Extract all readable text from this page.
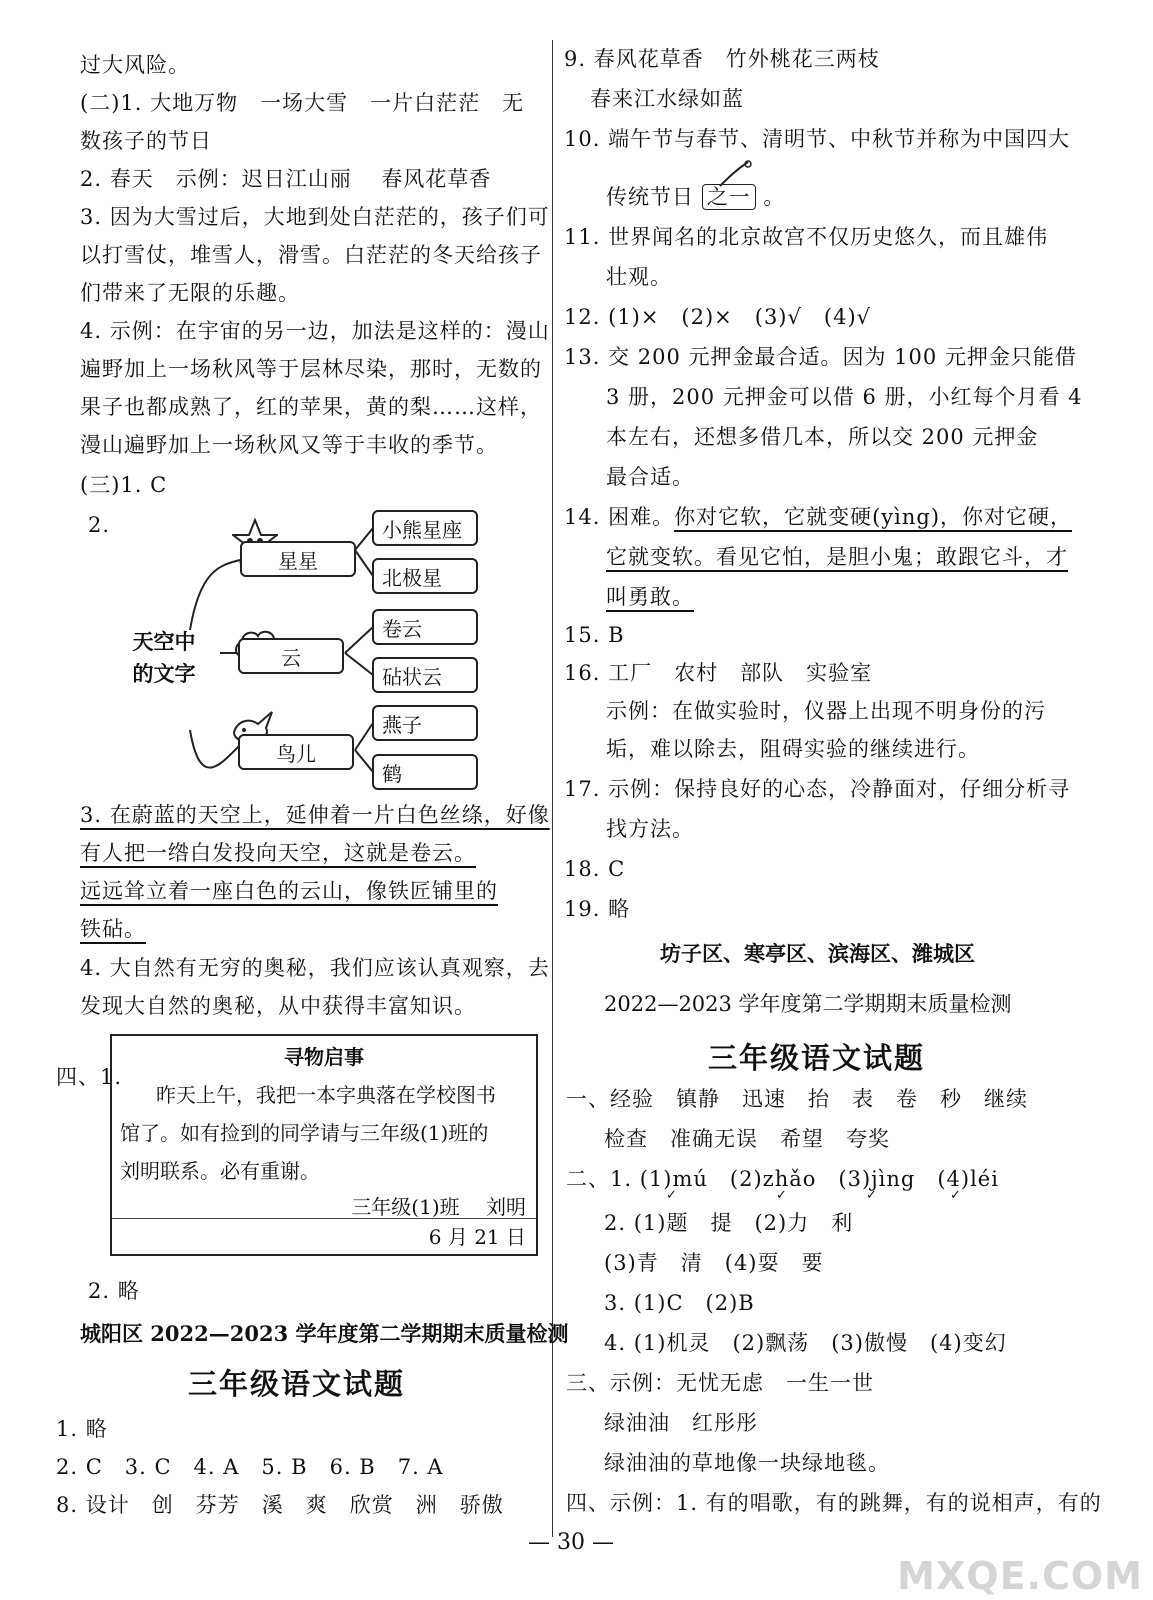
过大风险。
(二)1. 大地万物　一场大雪　一片白茫茫　无
数孩子的节日
2. 春天　示例：迟日江山丽　 春风花草香
3. 因为大雪过后，大地到处白茫茫的，孩子们可
以打雪仗，堆雪人，滑雪。白茫茫的冬天给孩子
们带来了无限的乐趣。
4. 示例：在宇宙的另一边，加法是这样的：漫山
遍野加上一场秋风等于层林尽染，那时，无数的
果子也都成熟了，红的苹果，黄的梨……这样，
漫山遍野加上一场秋风又等于丰收的季节。
(三)1. C
2.
天空中
的文字
星星
云
鸟儿
小熊星座
北极星
卷云
砧状云
燕子
鹤
3. 在蔚蓝的天空上，延伸着一片白色丝绦，好像
有人把一绺白发投向天空，这就是卷云。
远远耸立着一座白色的云山，像铁匠铺里的
铁砧。
4. 大自然有无穷的奥秘，我们应该认真观察，去
发现大自然的奥秘，从中获得丰富知识。
四、1.
寻物启事
昨天上午，我把一本字典落在学校图书
馆了。如有捡到的同学请与三年级(1)班的
刘明联系。必有重谢。
三年级(1)班　 刘明
6 月 21 日
2. 略
城阳区 2022—2023 学年度第二学期期末质量检测
三年级语文试题
1. 略
2. C　3. C　4. A　5. B　6. B　7. A
8. 设计　创　芬芳　溪　爽　欣赏　洲　骄傲
9. 春风花草香　竹外桃花三两枝
春来江水绿如蓝
10. 端午节与春节、清明节、中秋节并称为中国四大
传统节日 之一 。
11. 世界闻名的北京故宫不仅历史悠久，而且雄伟
壮观。
12. (1)×　(2)×　(3)√　(4)√
13. 交 200 元押金最合适。因为 100 元押金只能借
3 册，200 元押金可以借 6 册，小红每个月看 4
本左右，还想多借几本，所以交 200 元押金
最合适。
14. 困难。你对它软，它就变硬(yìng)，你对它硬，
它就变软。看见它怕，是胆小鬼；敢跟它斗，才
叫勇敢。
15. B
16. 工厂　农村　部队　实验室
示例：在做实验时，仪器上出现不明身份的污
垢，难以除去，阻碍实验的继续进行。
17. 示例：保持良好的心态，冷静面对，仔细分析寻
找方法。
18. C
19. 略
坊子区、寒亭区、滨海区、潍城区
2022—2023 学年度第二学期期末质量检测
三年级语文试题
一、经验　镇静　迅速　抬　表　卷　秒　继续
检查　准确无误　希望　夸奖
二、1. (1)mú　(2)zhǎo　(3)jìng　(4)léi
✓	✓	✓	✓
2. (1)题　提　(2)力　利
(3)青　清　(4)耍　要
3. (1)C　(2)B
4. (1)机灵　(2)飘荡　(3)傲慢　(4)变幻
三、示例：无忧无虑　一生一世
绿油油　红彤彤
绿油油的草地像一块绿地毯。
四、示例：1. 有的唱歌，有的跳舞，有的说相声，有的
— 30 —
MXQE.COM
